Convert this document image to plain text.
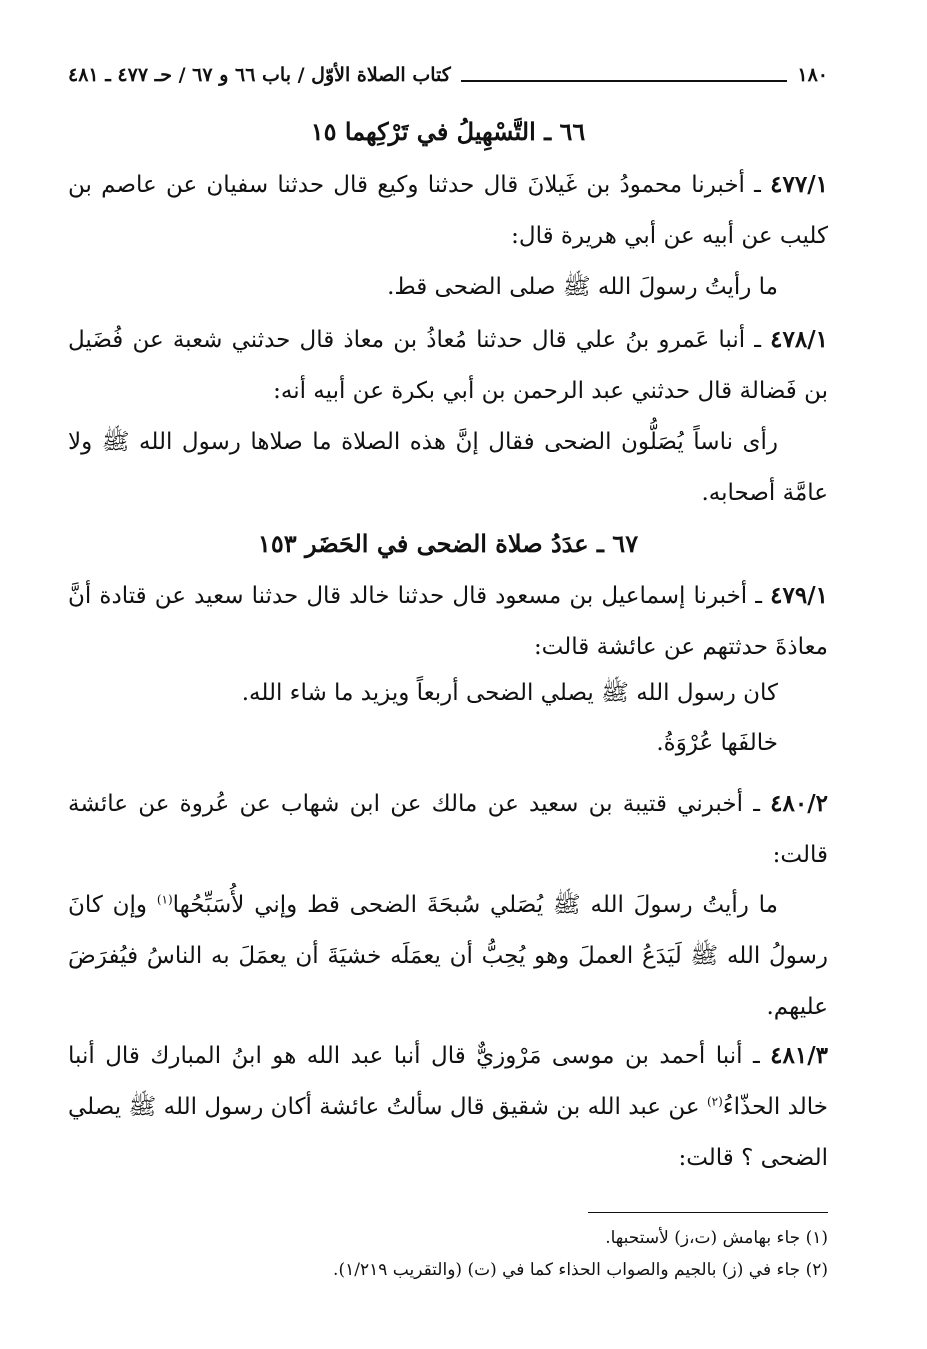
١٨٠
كتاب الصلاة الأوّل / باب ٦٦ و ٦٧ / حـ ٤٧٧ ـ ٤٨١
٦٦ ـ التَّسْهِيلُ في تَرْكِهما ١٥
٤٧٧/١ ـ أخبرنا محمودُ بن غَيلانَ قال حدثنا وكيع قال حدثنا سفيان عن عاصم بن كليب عن أبيه عن أبي هريرة قال:
ما رأيتُ رسولَ الله ﷺ صلى الضحى قط.
٤٧٨/١ ـ أنبا عَمرو بنُ علي قال حدثنا مُعاذُ بن معاذ قال حدثني شعبة عن فُضَيل بن فَضالة قال حدثني عبد الرحمن بن أبي بكرة عن أبيه أنه:
رأى ناساً يُصَلُّون الضحى فقال إنَّ هذه الصلاة ما صلاها رسول الله ﷺ ولا عامَّة أصحابه.
٦٧ ـ عدَدُ صلاة الضحى في الحَضَر ١٥٣
٤٧٩/١ ـ أخبرنا إسماعيل بن مسعود قال حدثنا خالد قال حدثنا سعيد عن قتادة أنَّ معاذةَ حدثتهم عن عائشة قالت:
كان رسول الله ﷺ يصلي الضحى أربعاً ويزيد ما شاء الله.
خالفَها عُرْوَةُ.
٤٨٠/٢ ـ أخبرني قتيبة بن سعيد عن مالك عن ابن شهاب عن عُروة عن عائشة قالت:
ما رأيتُ رسولَ الله ﷺ يُصَلي سُبحَةَ الضحى قط وإني لأُسَبِّحُها$^{(١)}$ وإن كانَ رسولُ الله ﷺ لَيَدَعُ العملَ وهو يُحِبُّ أن يعمَلَه خشيَةَ أن يعمَلَ به الناسُ فيُفرَضَ عليهم.
٤٨١/٣ ـ أنبا أحمد بن موسى مَرْوزيٌّ قال أنبا عبد الله هو ابنُ المبارك قال أنبا خالد الحذّاءُ$^{(٢)}$ عن عبد الله بن شقيق قال سألتُ عائشة أكان رسول الله ﷺ يصلي الضحى ؟ قالت:
(١) جاء بهامش (ت،ز) لأستحبها.
(٢) جاء في (ز) بالجيم والصواب الحذاء كما في (ت) (والتقريب ١/٢١٩).
